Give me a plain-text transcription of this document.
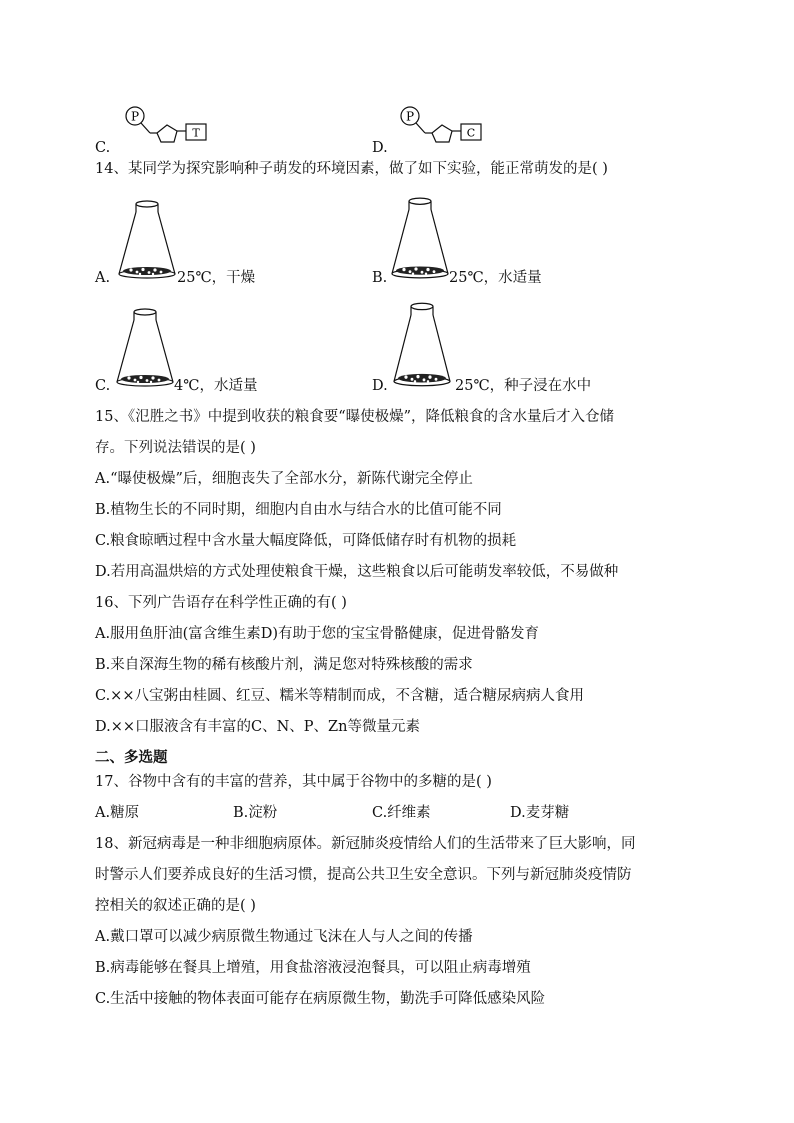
C.
P
T
D.
P
C
14、某同学为探究影响种子萌发的环境因素，做了如下实验，能正常萌发的是( )
A.	25℃，干燥	B.	25℃，水适量
C.	4℃，水适量	D.	25℃，种子浸在水中
15、《氾胜之书》中提到收获的粮食要“曝使极燥”，降低粮食的含水量后才入仓储
存。下列说法错误的是( )
A.“曝使极燥”后，细胞丧失了全部水分，新陈代谢完全停止
B.植物生长的不同时期，细胞内自由水与结合水的比值可能不同
C.粮食晾晒过程中含水量大幅度降低，可降低储存时有机物的损耗
D.若用高温烘焙的方式处理使粮食干燥，这些粮食以后可能萌发率较低，不易做种
16、下列广告语存在科学性正确的有( )
A.服用鱼肝油(富含维生素D)有助于您的宝宝骨骼健康，促进骨骼发育
B.来自深海生物的稀有核酸片剂，满足您对特殊核酸的需求
C.××八宝粥由桂圆、红豆、糯米等精制而成，不含糖，适合糖尿病病人食用
D.××口服液含有丰富的C、N、P、Zn等微量元素
二、多选题
17、谷物中含有的丰富的营养，其中属于谷物中的多糖的是( )
A.糖原	B.淀粉	C.纤维素	D.麦芽糖
18、新冠病毒是一种非细胞病原体。新冠肺炎疫情给人们的生活带来了巨大影响，同
时警示人们要养成良好的生活习惯，提高公共卫生安全意识。下列与新冠肺炎疫情防
控相关的叙述正确的是( )
A.戴口罩可以减少病原微生物通过飞沫在人与人之间的传播
B.病毒能够在餐具上增殖，用食盐溶液浸泡餐具，可以阻止病毒增殖
C.生活中接触的物体表面可能存在病原微生物，勤洗手可降低感染风险
